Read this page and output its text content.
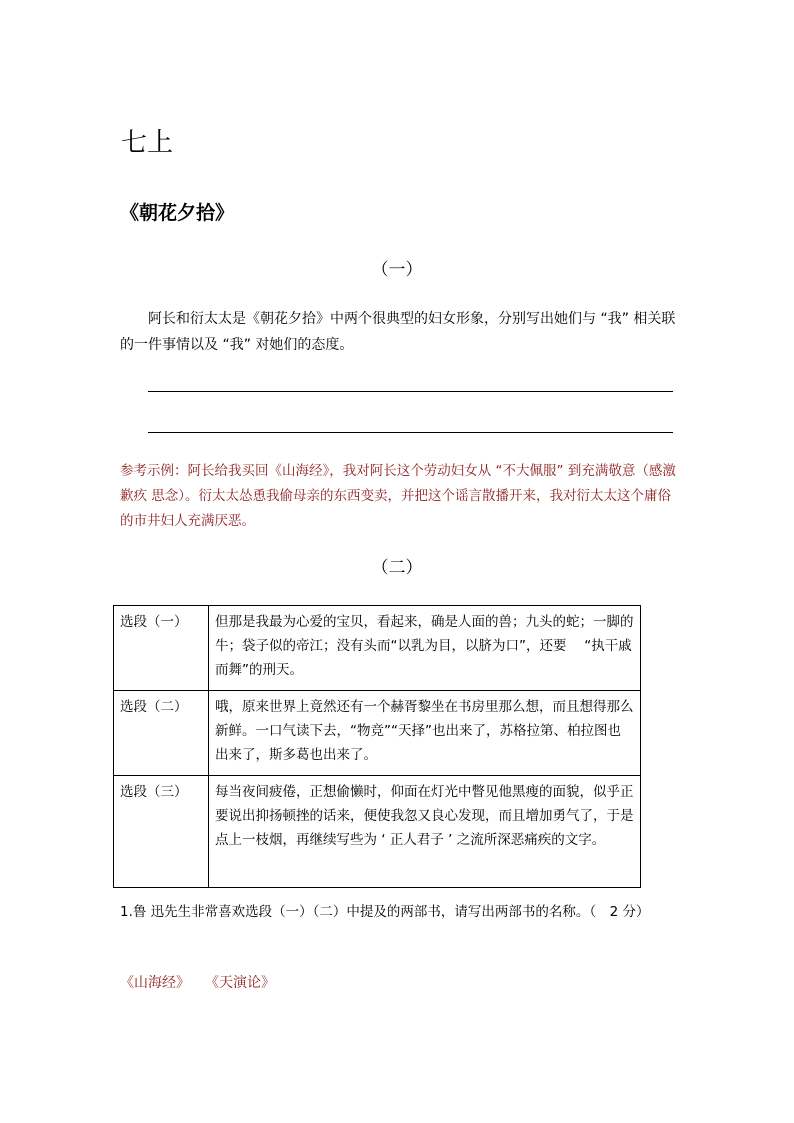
七上
《朝花夕拾》
（一）
阿长和衍太太是《朝花夕拾》中两个很典型的妇女形象，分别写出她们与 “我” 相关联的一件事情以及 “我” 对她们的态度。
参考示例：阿长给我买回《山海经》，我对阿长这个劳动妇女从 “不大佩服” 到充满敬意（感激 歉疚 思念）。衍太太怂恿我偷母亲的东西变卖，并把这个谣言散播开来，我对衍太太这个庸俗的市井妇人充满厌恶。
（二）
选段（一）	但那是我最为心爱的宝贝，看起来，确是人面的兽；九头的蛇；一脚的牛；袋子似的帝江；没有头而“以乳为目，以脐为口”，还要　 “执干戚而舞”的刑天。
选段（二）	哦，原来世界上竟然还有一个赫胥黎坐在书房里那么想，而且想得那么新鲜。一口气读下去，“物竞”“天择”也出来了，苏格拉第、柏拉图也出来了，斯多葛也出来了。
选段（三）	每当夜间疲倦，正想偷懒时，仰面在灯光中瞥见他黑瘦的面貌，似乎正要说出抑扬顿挫的话来，便使我忽又良心发现，而且增加勇气了，于是点上一枝烟，再继续写些为 ‘ 正人君子 ’ 之流所深恶痛疾的文字。
1.鲁 迅先生非常喜欢选段（一）（二）中提及的两部书，请写出两部书的名称。（　2 分）
《山海经》 《天演论》
